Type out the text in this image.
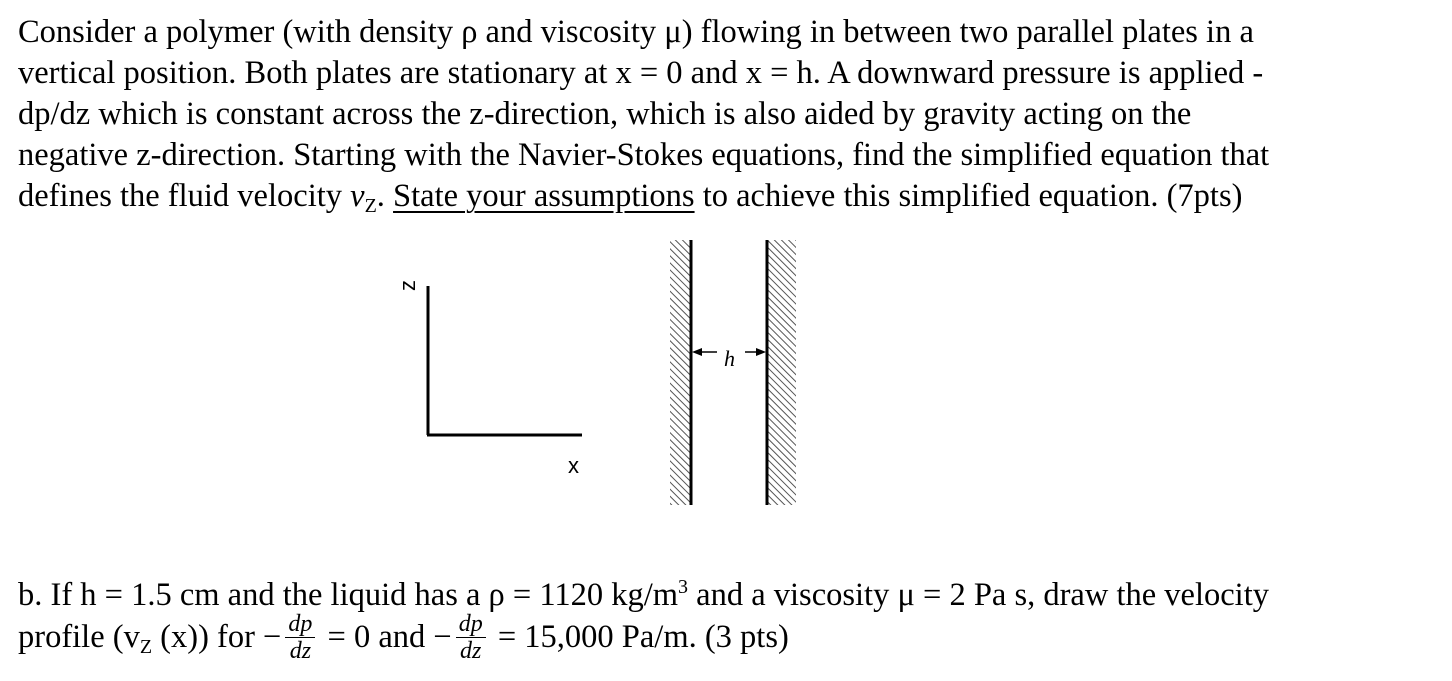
Consider a polymer (with density ρ and viscosity μ) flowing in between two parallel plates in a
vertical position. Both plates are stationary at x = 0 and x = h. A downward pressure is applied -
dp/dz which is constant across the z-direction, which is also aided by gravity acting on the
negative z-direction. Starting with the Navier-Stokes equations, find the simplified equation that
defines the fluid velocity $v_Z$. State your assumptions to achieve this simplified equation. (7pts)
z
x
h
b. If h = 1.5 cm and the liquid has a ρ = 1120 $kg/m^3$ and a viscosity μ = 2 Pa s, draw the velocity
profile ($v_Z$ (x)) for − $\frac{dp}{dz} = 0$ and − $\frac{dp}{dz} = 15,000$ Pa/m. (3 pts)
